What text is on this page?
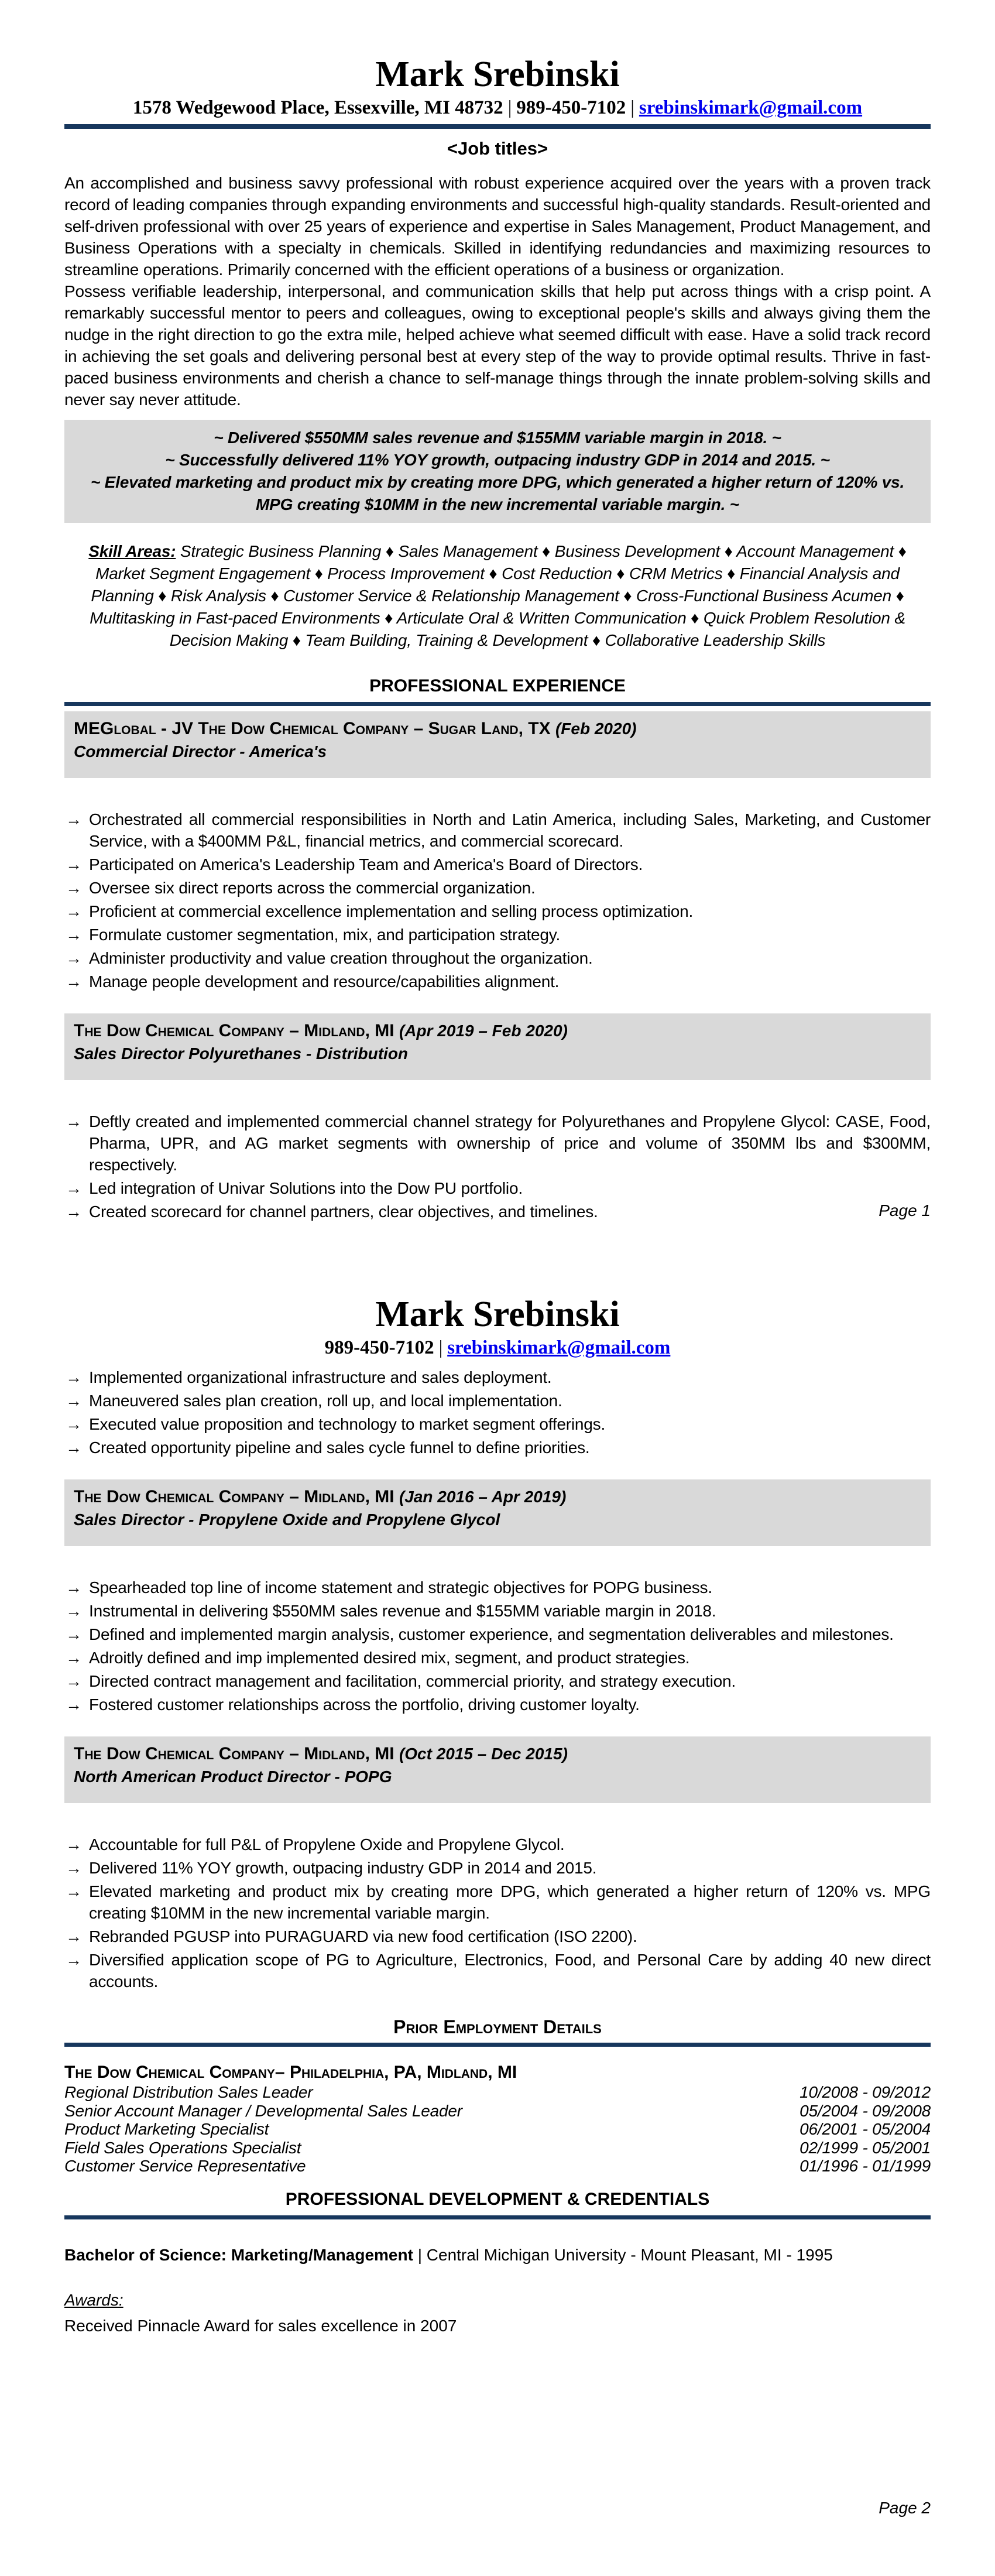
Mark Srebinski
1578 Wedgewood Place, Essexville, MI 48732 | 989-450-7102 | srebinskimark@gmail.com
<Job titles>

An accomplished and business savvy professional with robust experience acquired over the years with a proven track record of leading companies through expanding environments and successful high-quality standards. Result-oriented and self-driven professional with over 25 years of experience and expertise in Sales Management, Product Management, and Business Operations with a specialty in chemicals. Skilled in identifying redundancies and maximizing resources to streamline operations. Primarily concerned with the efficient operations of a business or organization.

Possess verifiable leadership, interpersonal, and communication skills that help put across things with a crisp point. A remarkably successful mentor to peers and colleagues, owing to exceptional people's skills and always giving them the nudge in the right direction to go the extra mile, helped achieve what seemed difficult with ease. Have a solid track record in achieving the set goals and delivering personal best at every step of the way to provide optimal results. Thrive in fast-paced business environments and cherish a chance to self-manage things through the innate problem-solving skills and never say never attitude.

~ Delivered $550MM sales revenue and $155MM variable margin in 2018. ~

~ Successfully delivered 11% YOY growth, outpacing industry GDP in 2014 and 2015. ~

~ Elevated marketing and product mix by creating more DPG, which generated a higher return of 120% vs. MPG creating $10MM in the new incremental variable margin. ~

Skill Areas: Strategic Business Planning ♦ Sales Management ♦ Business Development ♦ Account Management ♦ Market Segment Engagement ♦ Process Improvement ♦ Cost Reduction ♦ CRM Metrics ♦ Financial Analysis and Planning ♦ Risk Analysis ♦ Customer Service & Relationship Management ♦ Cross-Functional Business Acumen ♦ Multitasking in Fast-paced Environments ♦ Articulate Oral & Written Communication ♦ Quick Problem Resolution & Decision Making ♦ Team Building, Training & Development ♦ Collaborative Leadership Skills
PROFESSIONAL EXPERIENCE
MEGlobal - JV The Dow Chemical Company – Sugar Land, TX (Feb 2020)
Commercial Director - America's
→ Orchestrated all commercial responsibilities in North and Latin America, including Sales, Marketing, and Customer Service, with a $400MM P&L, financial metrics, and commercial scorecard.
→ Participated on America's Leadership Team and America's Board of Directors.
→ Oversee six direct reports across the commercial organization.
→ Proficient at commercial excellence implementation and selling process optimization.
→ Formulate customer segmentation, mix, and participation strategy.
→ Administer productivity and value creation throughout the organization.
→ Manage people development and resource/capabilities alignment.
The Dow Chemical Company – Midland, MI (Apr 2019 – Feb 2020)
Sales Director Polyurethanes - Distribution
→ Deftly created and implemented commercial channel strategy for Polyurethanes and Propylene Glycol: CASE, Food, Pharma, UPR, and AG market segments with ownership of price and volume of 350MM lbs and $300MM, respectively.
→ Led integration of Univar Solutions into the Dow PU portfolio.
→ Created scorecard for channel partners, clear objectives, and timelines.	Page 1
Mark Srebinski
989-450-7102 | srebinskimark@gmail.com
→ Implemented organizational infrastructure and sales deployment.
→ Maneuvered sales plan creation, roll up, and local implementation.
→ Executed value proposition and technology to market segment offerings.
→ Created opportunity pipeline and sales cycle funnel to define priorities.
The Dow Chemical Company – Midland, MI (Jan 2016 – Apr 2019)
Sales Director - Propylene Oxide and Propylene Glycol
→ Spearheaded top line of income statement and strategic objectives for POPG business.
→ Instrumental in delivering $550MM sales revenue and $155MM variable margin in 2018.
→ Defined and implemented margin analysis, customer experience, and segmentation deliverables and milestones.
→ Adroitly defined and imp implemented desired mix, segment, and product strategies.
→ Directed contract management and facilitation, commercial priority, and strategy execution.
→ Fostered customer relationships across the portfolio, driving customer loyalty.
The Dow Chemical Company – Midland, MI (Oct 2015 – Dec 2015)
North American Product Director - POPG
→ Accountable for full P&L of Propylene Oxide and Propylene Glycol.
→ Delivered 11% YOY growth, outpacing industry GDP in 2014 and 2015.
→ Elevated marketing and product mix by creating more DPG, which generated a higher return of 120% vs. MPG creating $10MM in the new incremental variable margin.
→ Rebranded PGUSP into PURAGUARD via new food certification (ISO 2200).
→ Diversified application scope of PG to Agriculture, Electronics, Food, and Personal Care by adding 40 new direct accounts.
Prior Employment Details
The Dow Chemical Company– Philadelphia, PA, Midland, MI
Regional Distribution Sales Leader	10/2008 - 09/2012
Senior Account Manager / Developmental Sales Leader	05/2004 - 09/2008
Product Marketing Specialist	06/2001 - 05/2004
Field Sales Operations Specialist	02/1999 - 05/2001
Customer Service Representative	01/1996 - 01/1999
PROFESSIONAL DEVELOPMENT & CREDENTIALS
Bachelor of Science: Marketing/Management | Central Michigan University - Mount Pleasant, MI - 1995
Awards:
Received Pinnacle Award for sales excellence in 2007
Page 2
